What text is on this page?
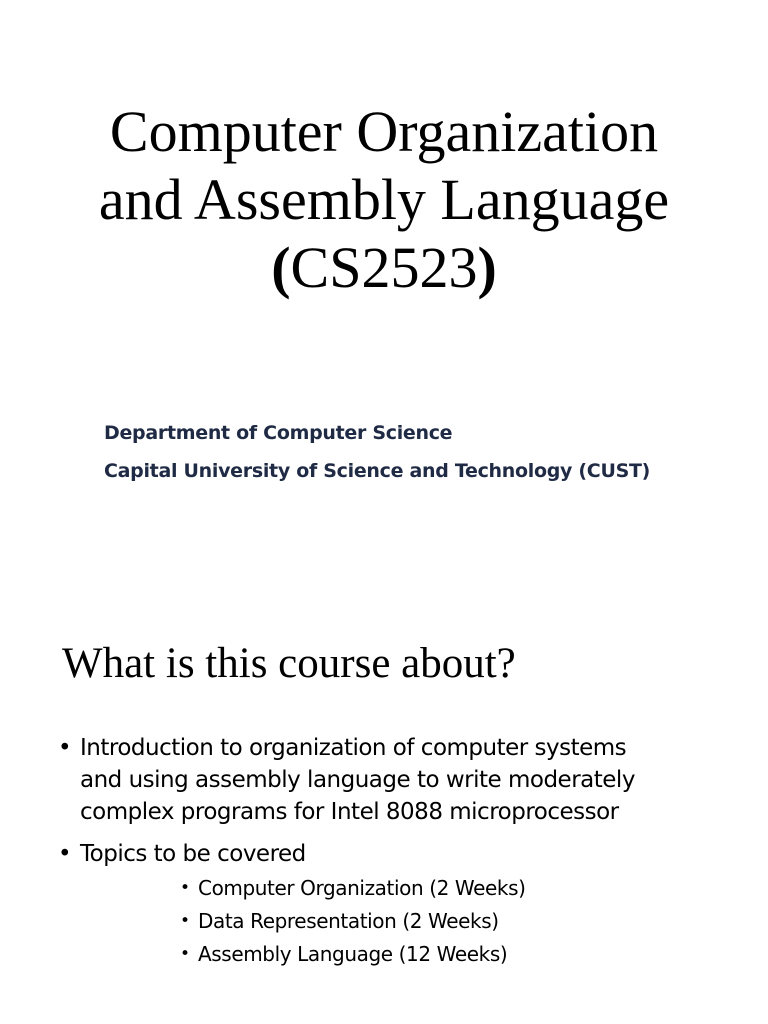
Computer Organization
and Assembly Language
(CS2523)
Department of Computer Science
Capital University of Science and Technology (CUST)
What is this course about?
• Introduction to organization of computer systems
and using assembly language to write moderately
complex programs for Intel 8088 microprocessor
• Topics to be covered
• Computer Organization (2 Weeks)
• Data Representation (2 Weeks)
• Assembly Language (12 Weeks)
